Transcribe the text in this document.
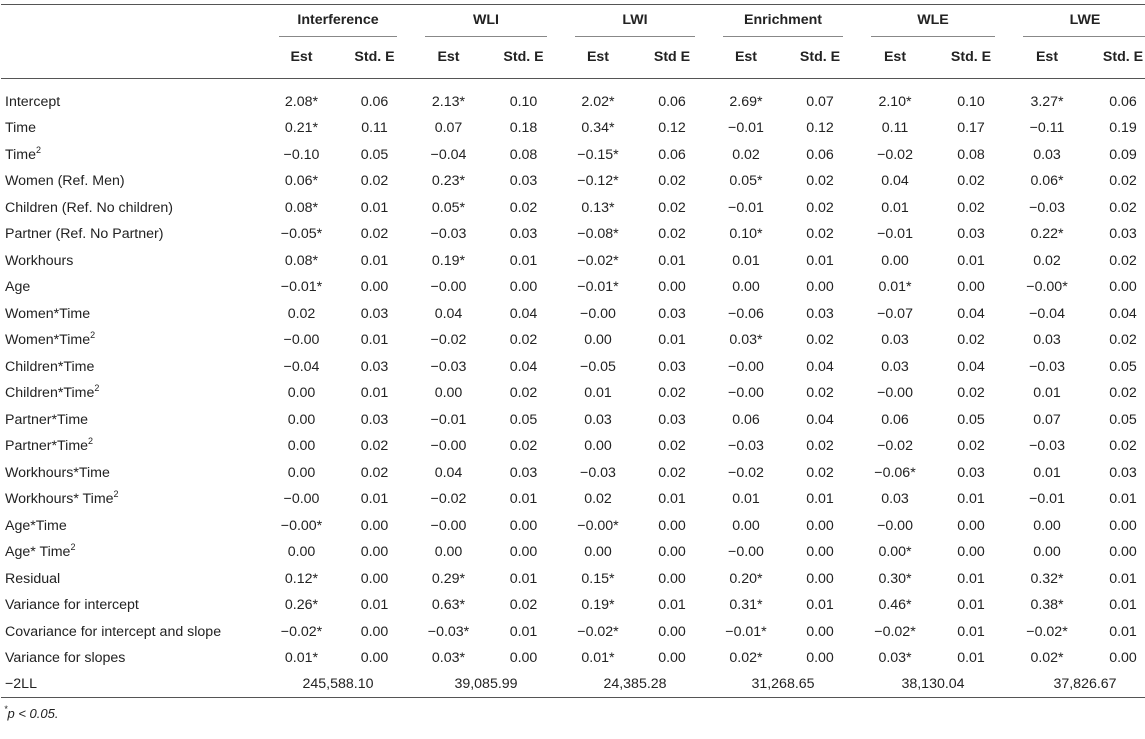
	Interference		WLI		LWI		Enrichment		WLE		LWE	

	Est	Std. E	Est	Std. E	Est	Std E	Est	Std. E	Est	Std. E	Est	Std. E
Intercept	2.08*	0.06	2.13*	0.10	2.02*	0.06	2.69*	0.07	2.10*	0.10	3.27*	0.06
Time	0.21*	0.11	0.07	0.18	0.34*	0.12	−0.01	0.12	0.11	0.17	−0.11	0.19
Time$^2$	−0.10	0.05	−0.04	0.08	−0.15*	0.06	0.02	0.06	−0.02	0.08	0.03	0.09
Women (Ref. Men)	0.06*	0.02	0.23*	0.03	−0.12*	0.02	0.05*	0.02	0.04	0.02	0.06*	0.02
Children (Ref. No children)	0.08*	0.01	0.05*	0.02	0.13*	0.02	−0.01	0.02	0.01	0.02	−0.03	0.02
Partner (Ref. No Partner)	−0.05*	0.02	−0.03	0.03	−0.08*	0.02	0.10*	0.02	−0.01	0.03	0.22*	0.03
Workhours	0.08*	0.01	0.19*	0.01	−0.02*	0.01	0.01	0.01	0.00	0.01	0.02	0.02
Age	−0.01*	0.00	−0.00	0.00	−0.01*	0.00	0.00	0.00	0.01*	0.00	−0.00*	0.00
Women*Time	0.02	0.03	0.04	0.04	−0.00	0.03	−0.06	0.03	−0.07	0.04	−0.04	0.04
Women*Time$^2$	−0.00	0.01	−0.02	0.02	0.00	0.01	0.03*	0.02	0.03	0.02	0.03	0.02
Children*Time	−0.04	0.03	−0.03	0.04	−0.05	0.03	−0.00	0.04	0.03	0.04	−0.03	0.05
Children*Time$^2$	0.00	0.01	0.00	0.02	0.01	0.02	−0.00	0.02	−0.00	0.02	0.01	0.02
Partner*Time	0.00	0.03	−0.01	0.05	0.03	0.03	0.06	0.04	0.06	0.05	0.07	0.05
Partner*Time$^2$	0.00	0.02	−0.00	0.02	0.00	0.02	−0.03	0.02	−0.02	0.02	−0.03	0.02
Workhours*Time	0.00	0.02	0.04	0.03	−0.03	0.02	−0.02	0.02	−0.06*	0.03	0.01	0.03
Workhours* Time$^2$	−0.00	0.01	−0.02	0.01	0.02	0.01	0.01	0.01	0.03	0.01	−0.01	0.01
Age*Time	−0.00*	0.00	−0.00	0.00	−0.00*	0.00	0.00	0.00	−0.00	0.00	0.00	0.00
Age* Time$^2$	0.00	0.00	0.00	0.00	0.00	0.00	−0.00	0.00	0.00*	0.00	0.00	0.00
Residual	0.12*	0.00	0.29*	0.01	0.15*	0.00	0.20*	0.00	0.30*	0.01	0.32*	0.01
Variance for intercept	0.26*	0.01	0.63*	0.02	0.19*	0.01	0.31*	0.01	0.46*	0.01	0.38*	0.01
Covariance for intercept and slope	−0.02*	0.00	−0.03*	0.01	−0.02*	0.00	−0.01*	0.00	−0.02*	0.01	−0.02*	0.01
Variance for slopes	0.01*	0.00	0.03*	0.00	0.01*	0.00	0.02*	0.00	0.03*	0.01	0.02*	0.00
−2LL	245,588.10		39,085.99		24,385.28		31,268.65		38,130.04		37,826.67	
*p < 0.05.
